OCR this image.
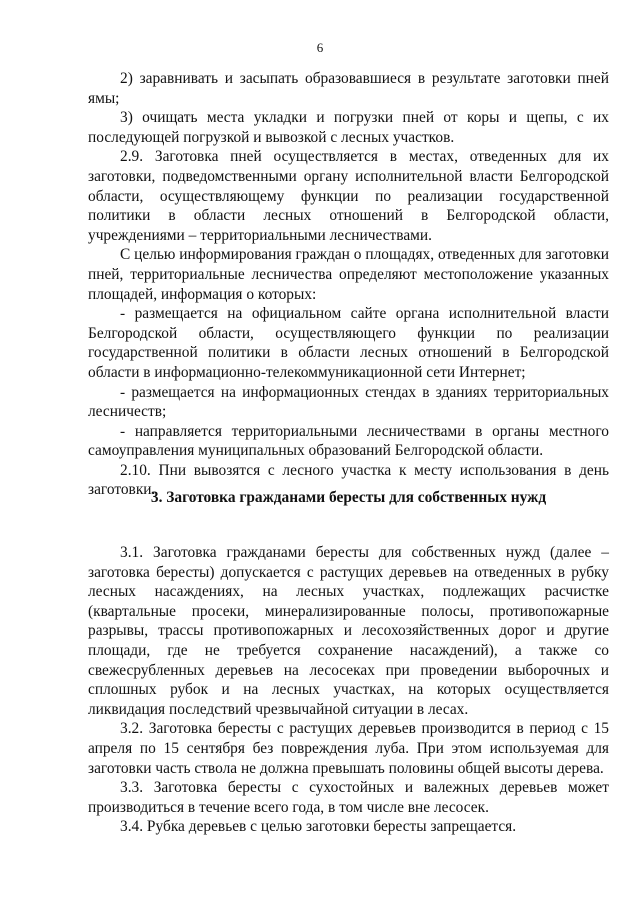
6

2) заравнивать и засыпать образовавшиеся в результате заготовки пней ямы;

3) очищать места укладки и погрузки пней от коры и щепы, с их последующей погрузкой и вывозкой с лесных участков.

2.9. Заготовка пней осуществляется в местах, отведенных для их заготовки, подведомственными органу исполнительной власти Белгородской области, осуществляющему функции по реализации государственной политики в области лесных отношений в Белгородской области, учреждениями – территориальными лесничествами.

С целью информирования граждан о площадях, отведенных для заготовки пней, территориальные лесничества определяют местоположение указанных площадей, информация о которых:

- размещается на официальном сайте органа исполнительной власти Белгородской области, осуществляющего функции по реализации государственной политики в области лесных отношений в Белгородской области в информационно-телекоммуникационной сети Интернет;

- размещается на информационных стендах в зданиях территориальных лесничеств;

- направляется территориальными лесничествами в органы местного самоуправления муниципальных образований Белгородской области.

2.10. Пни вывозятся с лесного участка к месту использования в день заготовки.

3. Заготовка гражданами бересты для собственных нужд

3.1. Заготовка гражданами бересты для собственных нужд (далее – заготовка бересты) допускается с растущих деревьев на отведенных в рубку лесных насаждениях, на лесных участках, подлежащих расчистке (квартальные просеки, минерализированные полосы, противопожарные разрывы, трассы противопожарных и лесохозяйственных дорог и другие площади, где не требуется сохранение насаждений), а также со свежесрубленных деревьев на лесосеках при проведении выборочных и сплошных рубок и на лесных участках, на которых осуществляется ликвидация последствий чрезвычайной ситуации в лесах.

3.2. Заготовка бересты с растущих деревьев производится в период с 15 апреля по 15 сентября без повреждения луба. При этом используемая для заготовки часть ствола не должна превышать половины общей высоты дерева.

3.3. Заготовка бересты с сухостойных и валежных деревьев может производиться в течение всего года, в том числе вне лесосек.

3.4. Рубка деревьев с целью заготовки бересты запрещается.
